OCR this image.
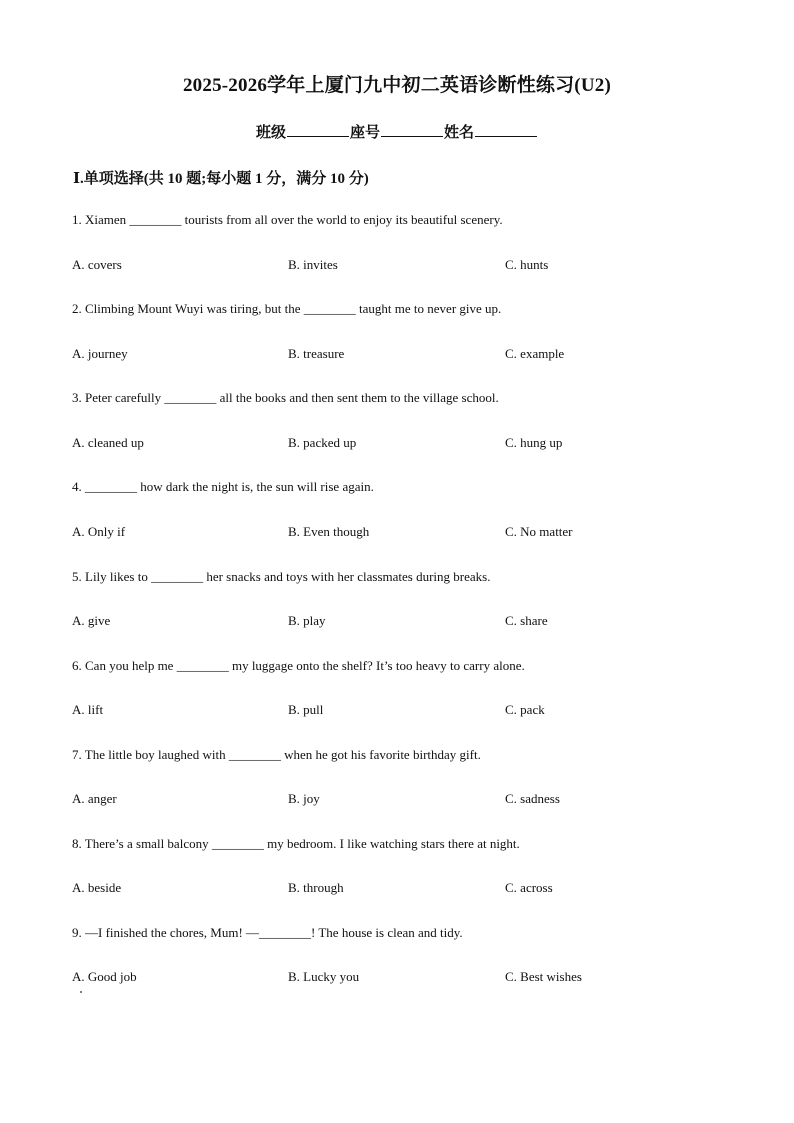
2025-2026学年上厦门九中初二英语诊断性练习(U2)
班级	座号	姓名
Ⅰ.单项选择(共 10 题;每小题 1 分，满分 10 分)
1. Xiamen ________ tourists from all over the world to enjoy its beautiful scenery.
A. covers	B. invites	C. hunts
2. Climbing Mount Wuyi was tiring, but the ________ taught me to never give up.
A. journey	B. treasure	C. example
3. Peter carefully ________ all the books and then sent them to the village school.
A. cleaned up	B. packed up	C. hung up
4. ________ how dark the night is, the sun will rise again.
A. Only if	B. Even though	C. No matter
5. Lily likes to ________ her snacks and toys with her classmates during breaks.
A. give	B. play	C. share
6. Can you help me ________ my luggage onto the shelf? It’s too heavy to carry alone.
A. lift	B. pull	C. pack
7. The little boy laughed with ________ when he got his favorite birthday gift.
A. anger	B. joy	C. sadness
8. There’s a small balcony ________ my bedroom. I like watching stars there at night.
A. beside	B. through	C. across
9. —I finished the chores, Mum! —________! The house is clean and tidy.
A. Good job	B. Lucky you	C. Best wishes
